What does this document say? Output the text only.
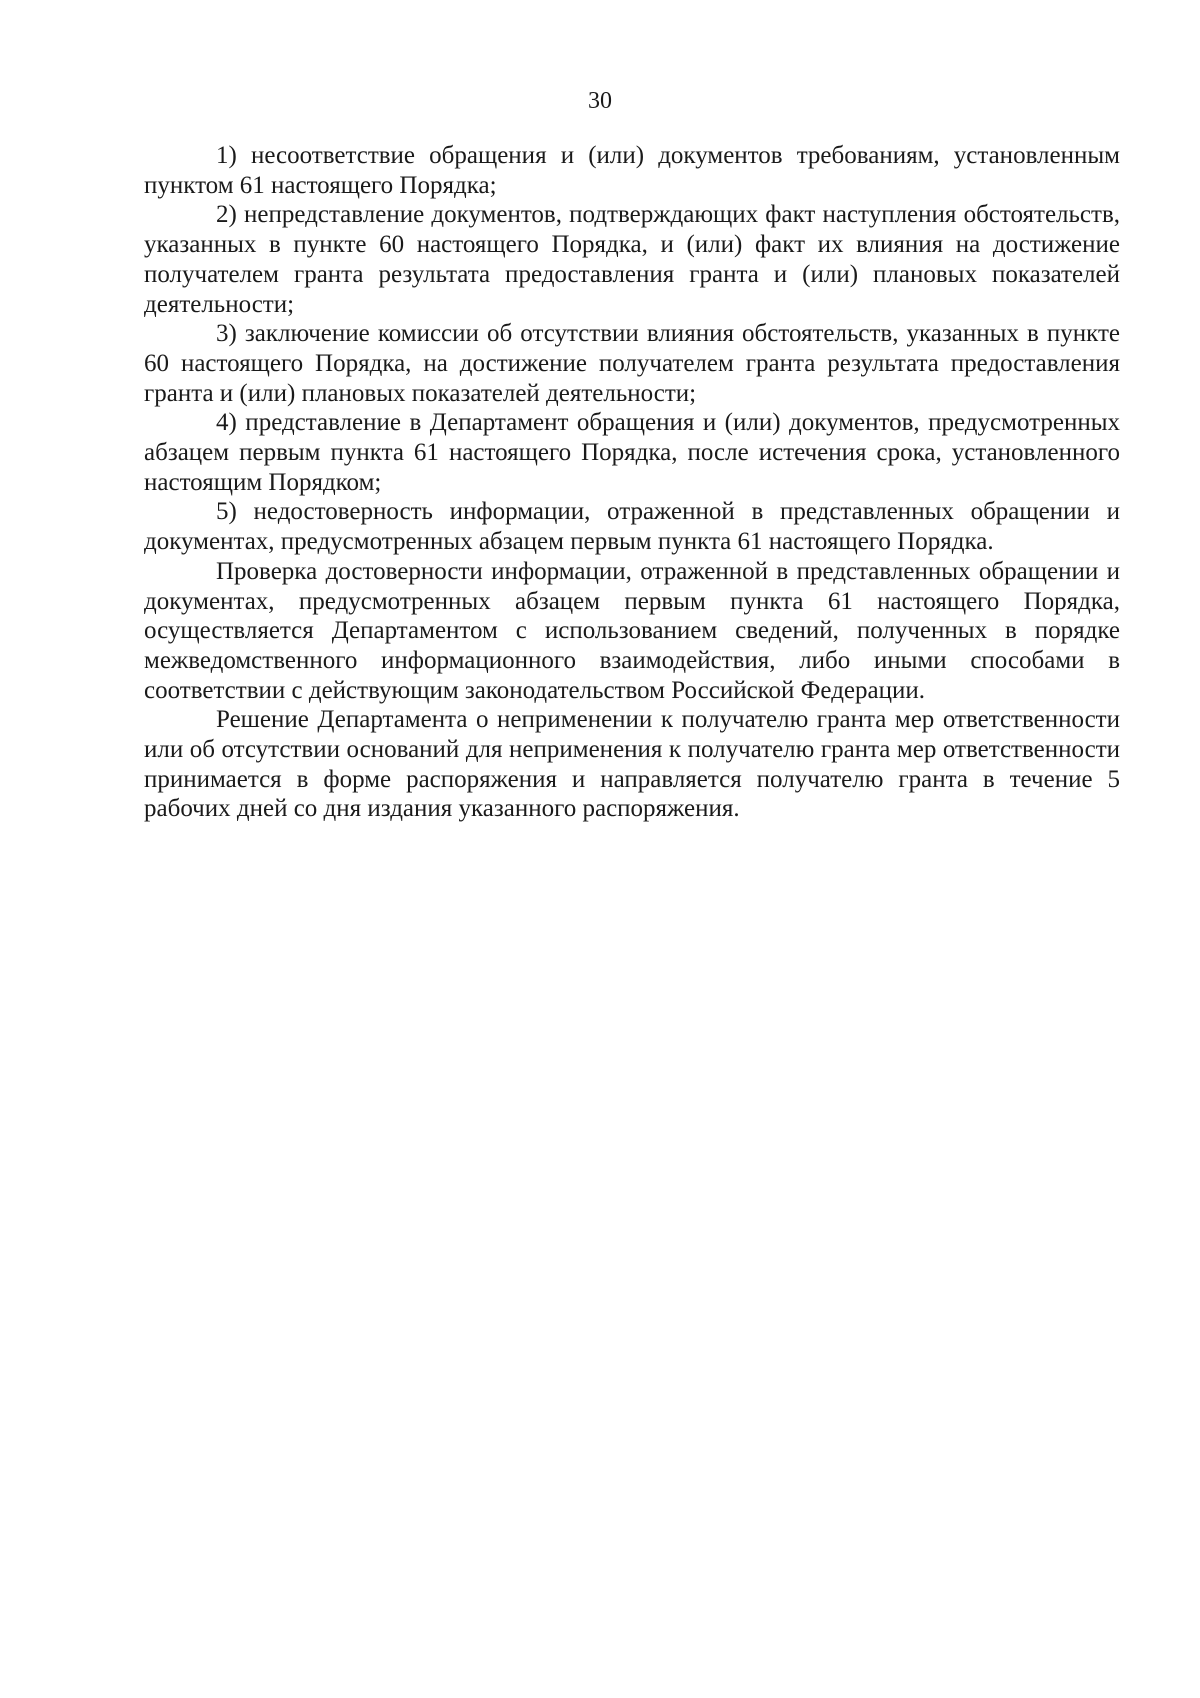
30

1) несоответствие обращения и (или) документов требованиям, установленным пунктом 61 настоящего Порядка;

2) непредставление документов, подтверждающих факт наступления обстоятельств, указанных в пункте 60 настоящего Порядка, и (или) факт их влияния на достижение получателем гранта результата предоставления гранта и (или) плановых показателей деятельности;

3) заключение комиссии об отсутствии влияния обстоятельств, указанных в пункте 60 настоящего Порядка, на достижение получателем гранта результата предоставления гранта и (или) плановых показателей деятельности;

4) представление в Департамент обращения и (или) документов, предусмотренных абзацем первым пункта 61 настоящего Порядка, после истечения срока, установленного настоящим Порядком;

5) недостоверность информации, отраженной в представленных обращении и документах, предусмотренных абзацем первым пункта 61 настоящего Порядка.

Проверка достоверности информации, отраженной в представленных обращении и документах, предусмотренных абзацем первым пункта 61 настоящего Порядка, осуществляется Департаментом с использованием сведений, полученных в порядке межведомственного информационного взаимодействия, либо иными способами в соответствии с действующим законодательством Российской Федерации.

Решение Департамента о неприменении к получателю гранта мер ответственности или об отсутствии оснований для неприменения к получателю гранта мер ответственности принимается в форме распоряжения и направляется получателю гранта в течение 5 рабочих дней со дня издания указанного распоряжения.
